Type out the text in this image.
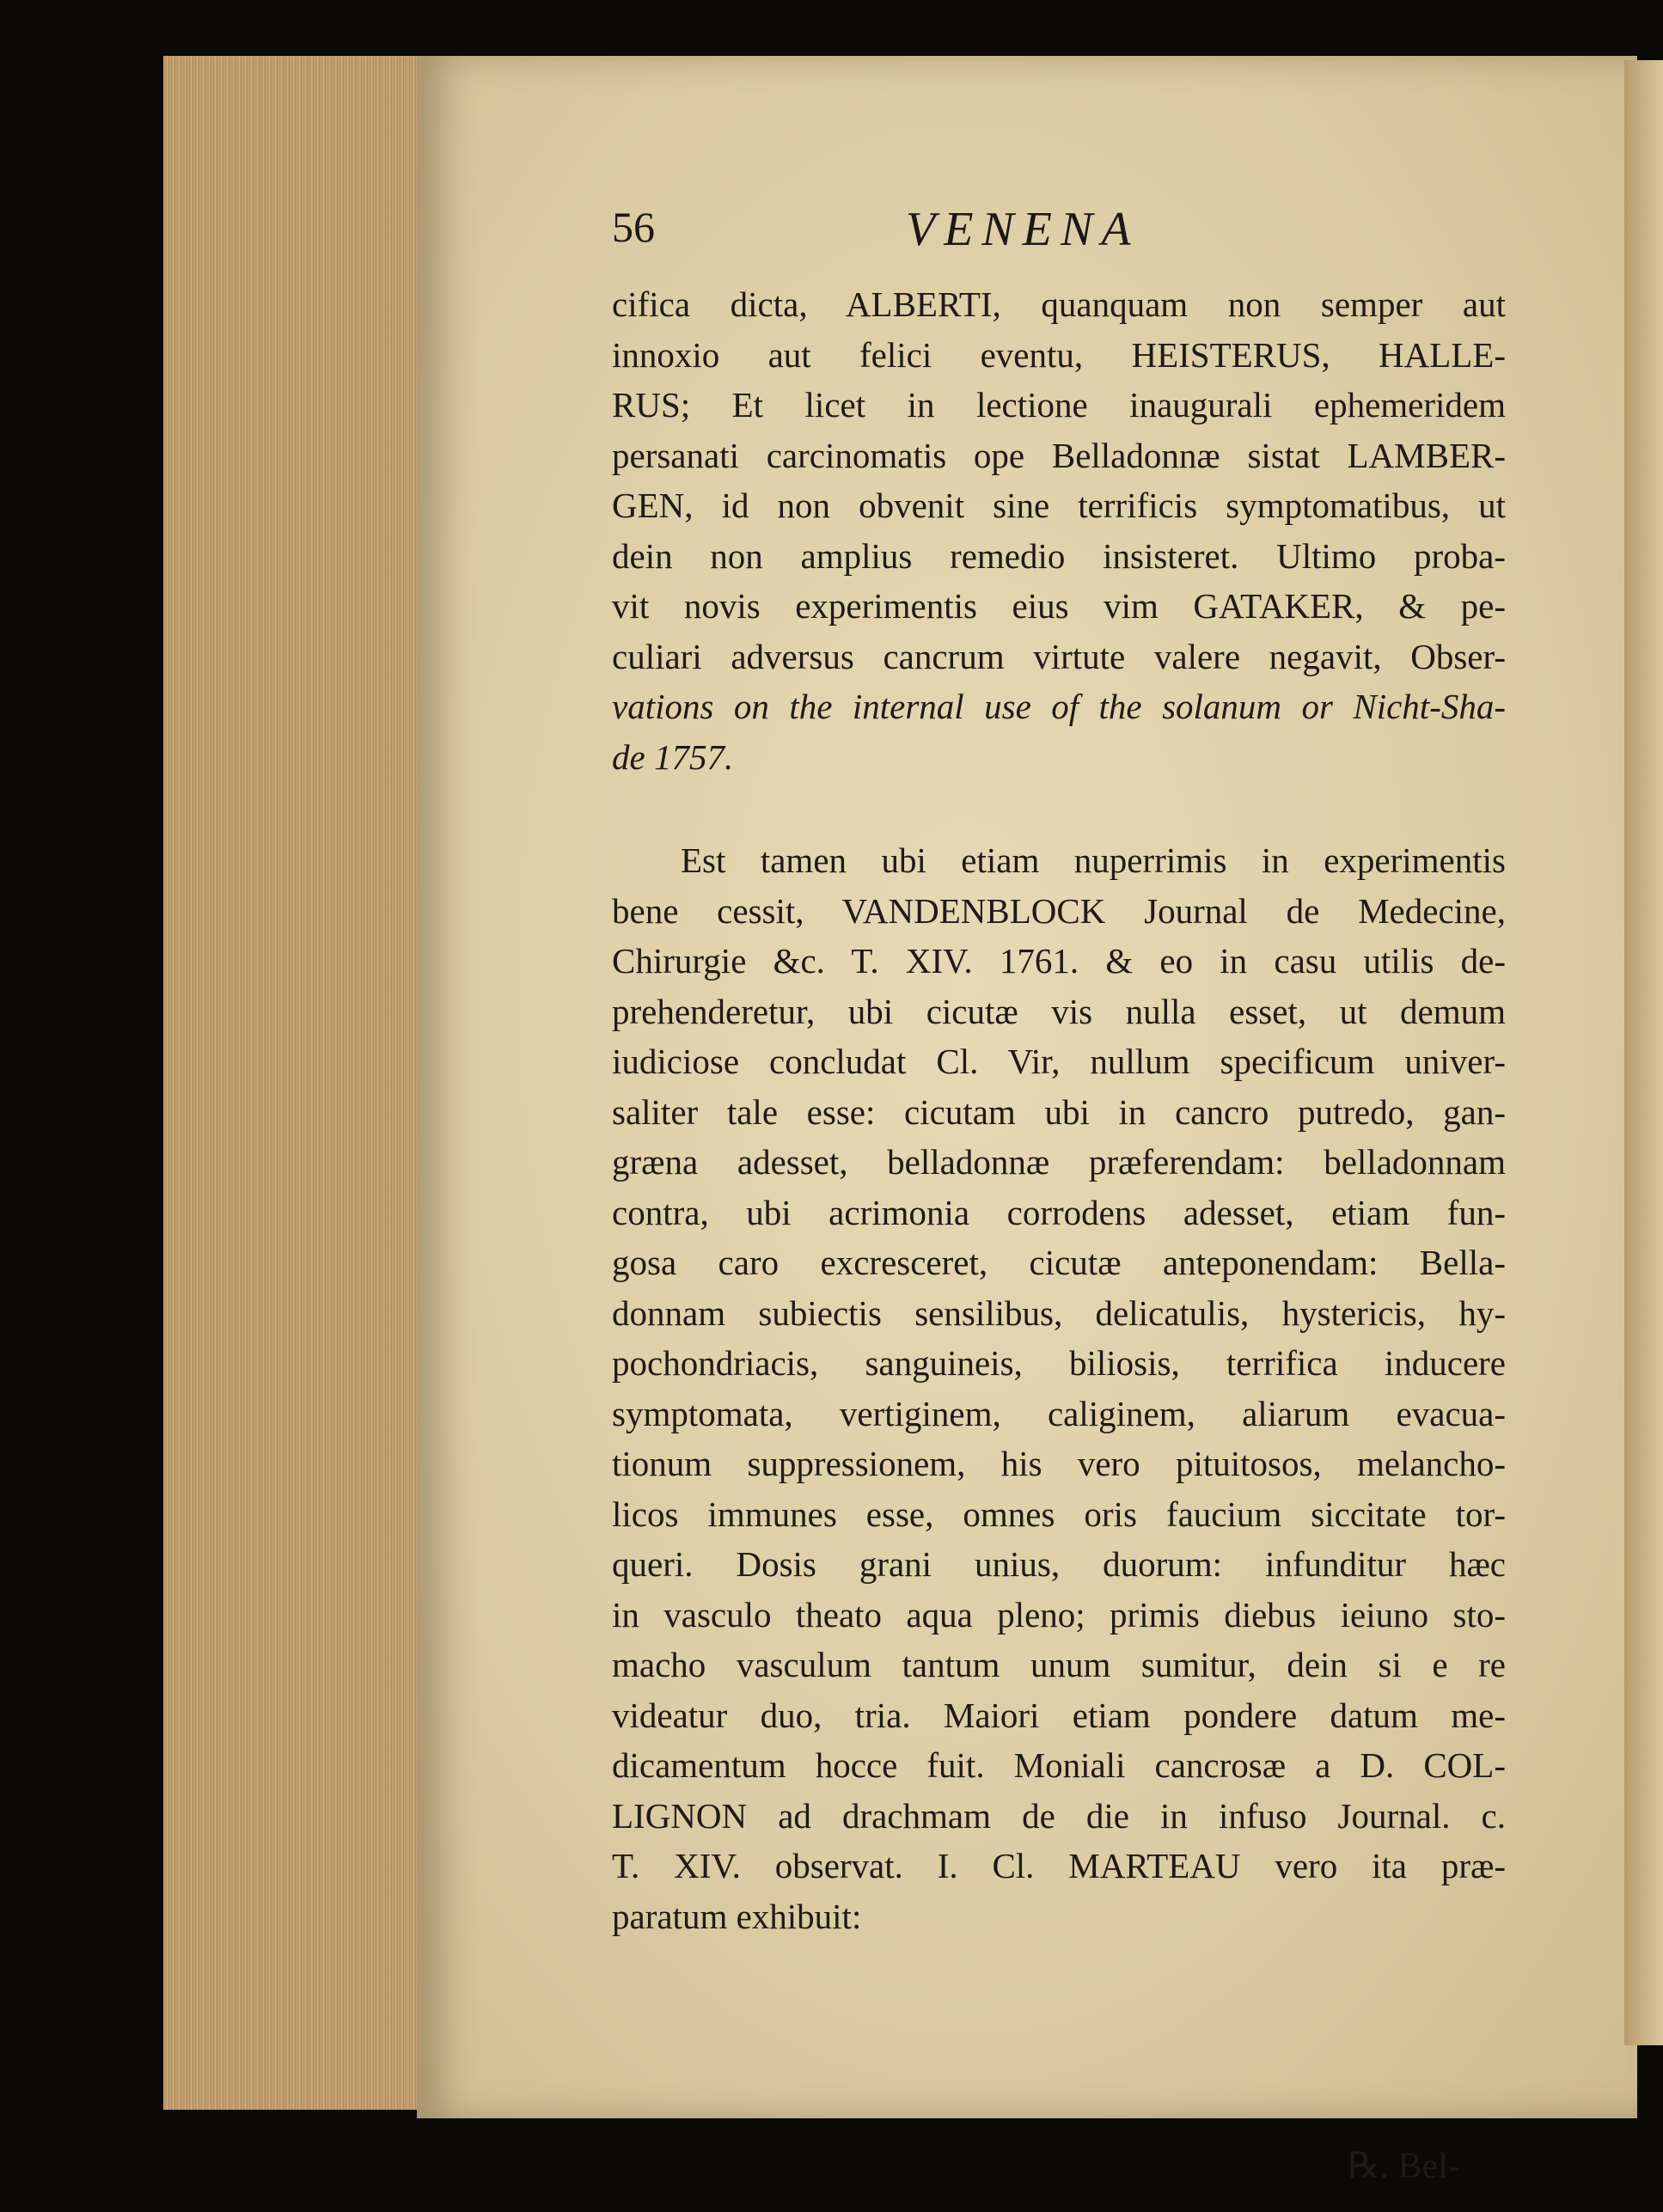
56	VENENA
cifica dicta, ALBERTI, quanquam non semper aut
innoxio aut felici eventu, HEISTERUS, HALLE-
RUS; Et licet in lectione inaugurali ephemeridem
persanati carcinomatis ope Belladonnæ sistat LAMBER-
GEN, id non obvenit sine terrificis symptomatibus, ut
dein non amplius remedio insisteret. Ultimo proba-
vit novis experimentis eius vim GATAKER, & pe-
culiari adversus cancrum virtute valere negavit, Obser-
vations on the internal use of the solanum or Nicht-Sha-
de 1757.
Est tamen ubi etiam nuperrimis in experimentis
bene cessit, VANDENBLOCK Journal de Medecine,
Chirurgie &c. T. XIV. 1761. & eo in casu utilis de-
prehenderetur, ubi cicutæ vis nulla esset, ut demum
iudiciose concludat Cl. Vir, nullum specificum univer-
saliter tale esse: cicutam ubi in cancro putredo, gan-
græna adesset, belladonnæ præferendam: belladonnam
contra, ubi acrimonia corrodens adesset, etiam fun-
gosa caro excresceret, cicutæ anteponendam: Bella-
donnam subiectis sensilibus, delicatulis, hystericis, hy-
pochondriacis, sanguineis, biliosis, terrifica inducere
symptomata, vertiginem, caliginem, aliarum evacua-
tionum suppressionem, his vero pituitosos, melancho-
licos immunes esse, omnes oris faucium siccitate tor-
queri. Dosis grani unius, duorum: infunditur hæc
in vasculo theato aqua pleno; primis diebus ieiuno sto-
macho vasculum tantum unum sumitur, dein si e re
videatur duo, tria. Maiori etiam pondere datum me-
dicamentum hocce fuit. Moniali cancrosæ a D. COL-
LIGNON ad drachmam de die in infuso Journal. c.
T. XIV. observat. I. Cl. MARTEAU vero ita præ-
paratum exhibuit:
℞. Bel-
